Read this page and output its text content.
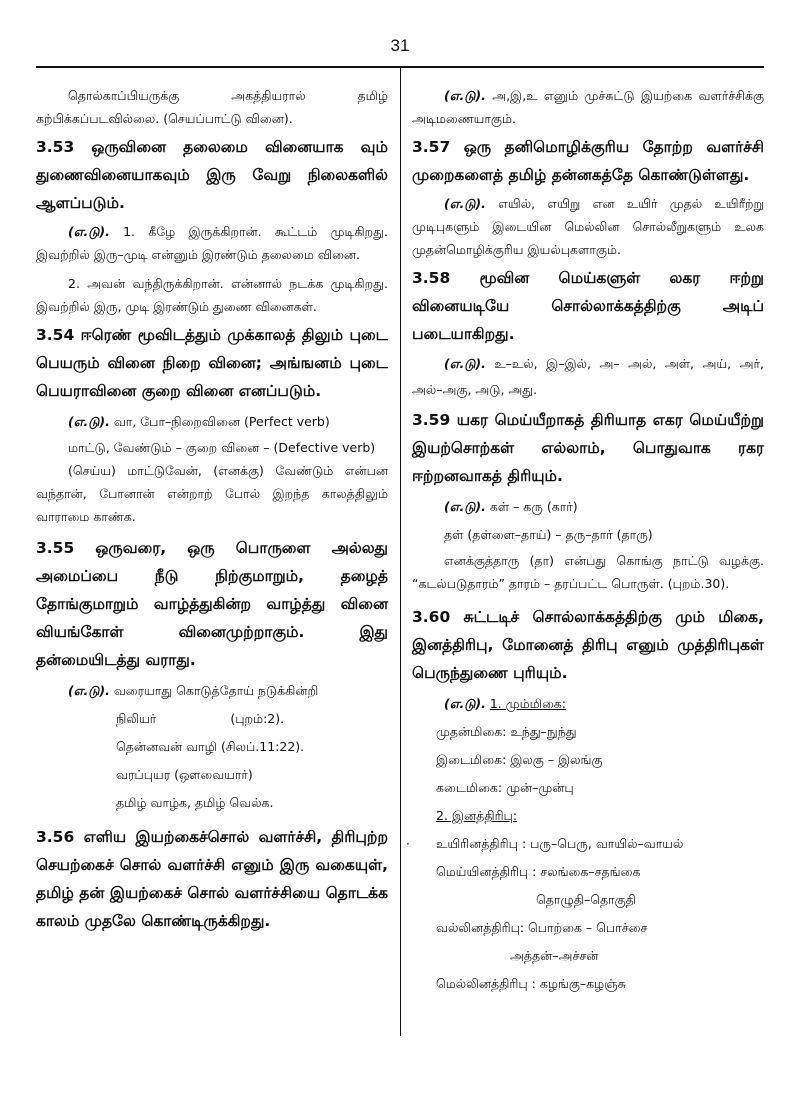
31

தொல்காப்பியருக்கு அகத்தியரால் தமிழ் கற்பிக்கப்படவில்லை. (செயப்பாட்டு வினை).

3.53 ஒருவினை தலைமை வினையாக வும் துணைவினையாகவும் இரு வேறு நிலைகளில் ஆளப்படும்.

(எ.டு). 1. கீழே இருக்கிறான். கூட்டம் முடிகிறது. இவற்றில் இரு–முடி என்னும் இரண்டும் தலைமை வினை.

2. அவன் வந்திருக்கிறான். என்னால் நடக்க முடிகிறது. இவற்றில் இரு, முடி இரண்டும் துணை வினைகள்.

3.54 ஈரெண் மூவிடத்தும் முக்காலத் திலும் புடை பெயரும் வினை நிறை வினை; அங்ஙனம் புடை பெயராவினை குறை வினை எனப்படும்.

(எ.டு). வா, போ–நிறைவினை (Perfect verb)

மாட்டு, வேண்டும் – குறை வினை – (Defective verb)

(செய்ய) மாட்டுவேன், (எனக்கு) வேண்டும் என்பன வந்தான், போனான் என்றாற் போல் இறந்த காலத்திலும் வாராமை காண்க.

3.55 ஒருவரை, ஒரு பொருளை அல்லது அமைப்பை நீடு நிற்குமாறும், தழைத் தோங்குமாறும் வாழ்த்துகின்ற வாழ்த்து வினை வியங்கோள் வினைமுற்றாகும். இது தன்மையிடத்து வராது.

(எ.டு). வரையாது கொடுத்தோய் நடுக்கின்றி

நிலியர்	(புறம்:2).

தென்னவன் வாழி (சிலப்.11:22).

வரப்புயர (ஔவையார்)

தமிழ் வாழ்க, தமிழ் வெல்க.

3.56 எளிய இயற்கைச்சொல் வளர்ச்சி, திரிபுற்ற செயற்கைச் சொல் வளர்ச்சி எனும் இரு வகையுள், தமிழ் தன் இயற்கைச் சொல் வளர்ச்சியை தொடக்க காலம் முதலே கொண்டிருக்கிறது.

(எ.டு). அ,இ,உ எனும் முச்சுட்டு இயற்கை வளர்ச்சிக்கு அடிமணையாகும்.

3.57 ஒரு தனிமொழிக்குரிய தோற்ற வளர்ச்சி முறைகளைத் தமிழ் தன்னகத்தே கொண்டுள்ளது.

(எ.டு). எயில், எயிறு என உயிர் முதல் உயிரீற்று முடிபுகளும் இடையின மெல்லின சொல்லீறுகளும் உலக முதன்மொழிக்குரிய இயல்புகளாகும்.

3.58 மூவின மெய்களுள் லகர ஈற்று வினையடியே சொல்லாக்கத்திற்கு அடிப் படையாகிறது.

(எ.டு). உ–உல், இ–இல், அ– அல், அள், அய், அர், அல்–அகு, அடு, அது.

3.59 யகர மெய்யீறாகத் திரியாத எகர மெய்யீற்று இயற்சொற்கள் எல்லாம், பொதுவாக ரகர ஈற்றனவாகத் திரியும்.

(எ.டு). கள் – கரு (கார்)

தள் (தள்ளை–தாய்) – தரு–தார் (தாரு)

எனக்குத்தாரு (தா) என்பது கொங்கு நாட்டு வழக்கு. “கடல்படுதாரம்” தாரம் – தரப்பட்ட பொருள். (புறம்.30).

3.60 சுட்டடிச் சொல்லாக்கத்திற்கு மும் மிகை, இனத்திரிபு, மோனைத் திரிபு எனும் முத்திரிபுகள் பெருந்துணை புரியும்.

(எ.டு). 1. மும்மிகை:

முதன்மிகை: உந்து–நுந்து

இடைமிகை: இலகு – இலங்கு

கடைமிகை: முன்–முன்பு

2. இனத்திரிபு:

· உயிரினத்திரிபு : பரு–பெரு, வாயில்–வாயல்

மெய்யினத்திரிபு : சலங்கை–சதங்கை

தொழுதி–தொகுதி

வல்லினத்திரிபு: பொற்கை – பொச்சை

அத்தன்–அச்சன்

மெல்லினத்திரிபு : கழங்கு–கழஞ்சு
